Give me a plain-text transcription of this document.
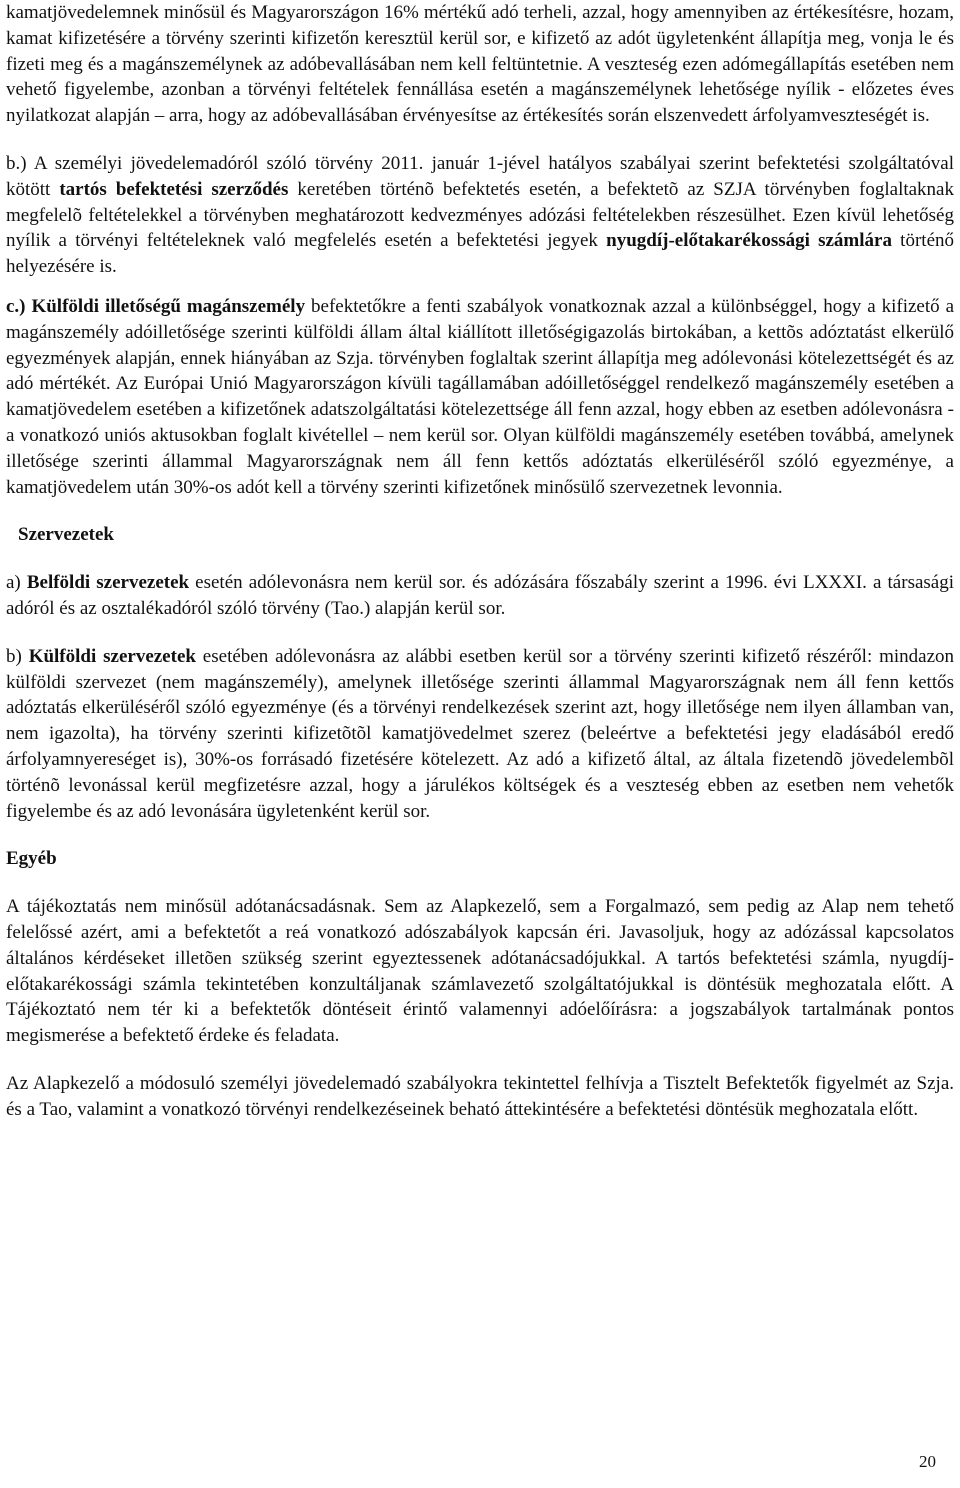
kamatjövedelemnek minősül és Magyarországon 16% mértékű adó terheli, azzal, hogy amennyiben az értékesítésre, hozam, kamat kifizetésére a törvény szerinti kifizetőn keresztül kerül sor, e kifizető az adót ügyletenként állapítja meg, vonja le és fizeti meg és a magánszemélynek az adóbevallásában nem kell feltüntetnie. A veszteség ezen adómegállapítás esetében nem vehető figyelembe, azonban a törvényi feltételek fennállása esetén a magánszemélynek lehetősége nyílik - előzetes éves nyilatkozat alapján – arra, hogy az adóbevallásában érvényesítse az értékesítés során elszenvedett árfolyamveszteségét is.

b.) A személyi jövedelemadóról szóló törvény 2011. január 1-jével hatályos szabályai szerint befektetési szolgáltatóval kötött tartós befektetési szerződés keretében történõ befektetés esetén, a befektetõ az SZJA törvényben foglaltaknak megfelelõ feltételekkel a törvényben meghatározott kedvezményes adózási feltételekben részesülhet. Ezen kívül lehetőség nyílik a törvényi feltételeknek való megfelelés esetén a befektetési jegyek nyugdíj-előtakarékossági számlára történő helyezésére is.

c.) Külföldi illetőségű magánszemély befektetőkre a fenti szabályok vonatkoznak azzal a különbséggel, hogy a kifizető a magánszemély adóilletősége szerinti külföldi állam által kiállított illetőségigazolás birtokában, a kettõs adóztatást elkerülő egyezmények alapján, ennek hiányában az Szja. törvényben foglaltak szerint állapítja meg adólevonási kötelezettségét és az adó mértékét. Az Európai Unió Magyarországon kívüli tagállamában adóilletőséggel rendelkező magánszemély esetében a kamatjövedelem esetében a kifizetőnek adatszolgáltatási kötelezettsége áll fenn azzal, hogy ebben az esetben adólevonásra - a vonatkozó uniós aktusokban foglalt kivétellel – nem kerül sor. Olyan külföldi magánszemély esetében továbbá, amelynek illetősége szerinti állammal Magyarországnak nem áll fenn kettős adóztatás elkerüléséről szóló egyezménye, a kamatjövedelem után 30%-os adót kell a törvény szerinti kifizetőnek minősülő szervezetnek levonnia.

Szervezetek

a) Belföldi szervezetek esetén adólevonásra nem kerül sor. és adózására főszabály szerint a 1996. évi LXXXI. a társasági adóról és az osztalékadóról szóló törvény (Tao.) alapján kerül sor.

b) Külföldi szervezetek esetében adólevonásra az alábbi esetben kerül sor a törvény szerinti kifizető részéről: mindazon külföldi szervezet (nem magánszemély), amelynek illetősége szerinti állammal Magyarországnak nem áll fenn kettős adóztatás elkerüléséről szóló egyezménye (és a törvényi rendelkezések szerint azt, hogy illetősége nem ilyen államban van, nem igazolta), ha törvény szerinti kifizetõtõl kamatjövedelmet szerez (beleértve a befektetési jegy eladásából eredő árfolyamnyereséget is), 30%-os forrásadó fizetésére kötelezett. Az adó a kifizető által, az általa fizetendõ jövedelembõl történõ levonással kerül megfizetésre azzal, hogy a járulékos költségek és a veszteség ebben az esetben nem vehetők figyelembe és az adó levonására ügyletenként kerül sor.

Egyéb

A tájékoztatás nem minősül adótanácsadásnak. Sem az Alapkezelő, sem a Forgalmazó, sem pedig az Alap nem tehető felelőssé azért, ami a befektetőt a reá vonatkozó adószabályok kapcsán éri. Javasoljuk, hogy az adózással kapcsolatos általános kérdéseket illetõen szükség szerint egyeztessenek adótanácsadójukkal. A tartós befektetési számla, nyugdíj-előtakarékossági számla tekintetében konzultáljanak számlavezető szolgáltatójukkal is döntésük meghozatala előtt. A Tájékoztató nem tér ki a befektetők döntéseit érintő valamennyi adóelőírásra: a jogszabályok tartalmának pontos megismerése a befektető érdeke és feladata.

Az Alapkezelő a módosuló személyi jövedelemadó szabályokra tekintettel felhívja a Tisztelt Befektetők figyelmét az Szja. és a Tao, valamint a vonatkozó törvényi rendelkezéseinek beható áttekintésére a befektetési döntésük meghozatala előtt.

20
